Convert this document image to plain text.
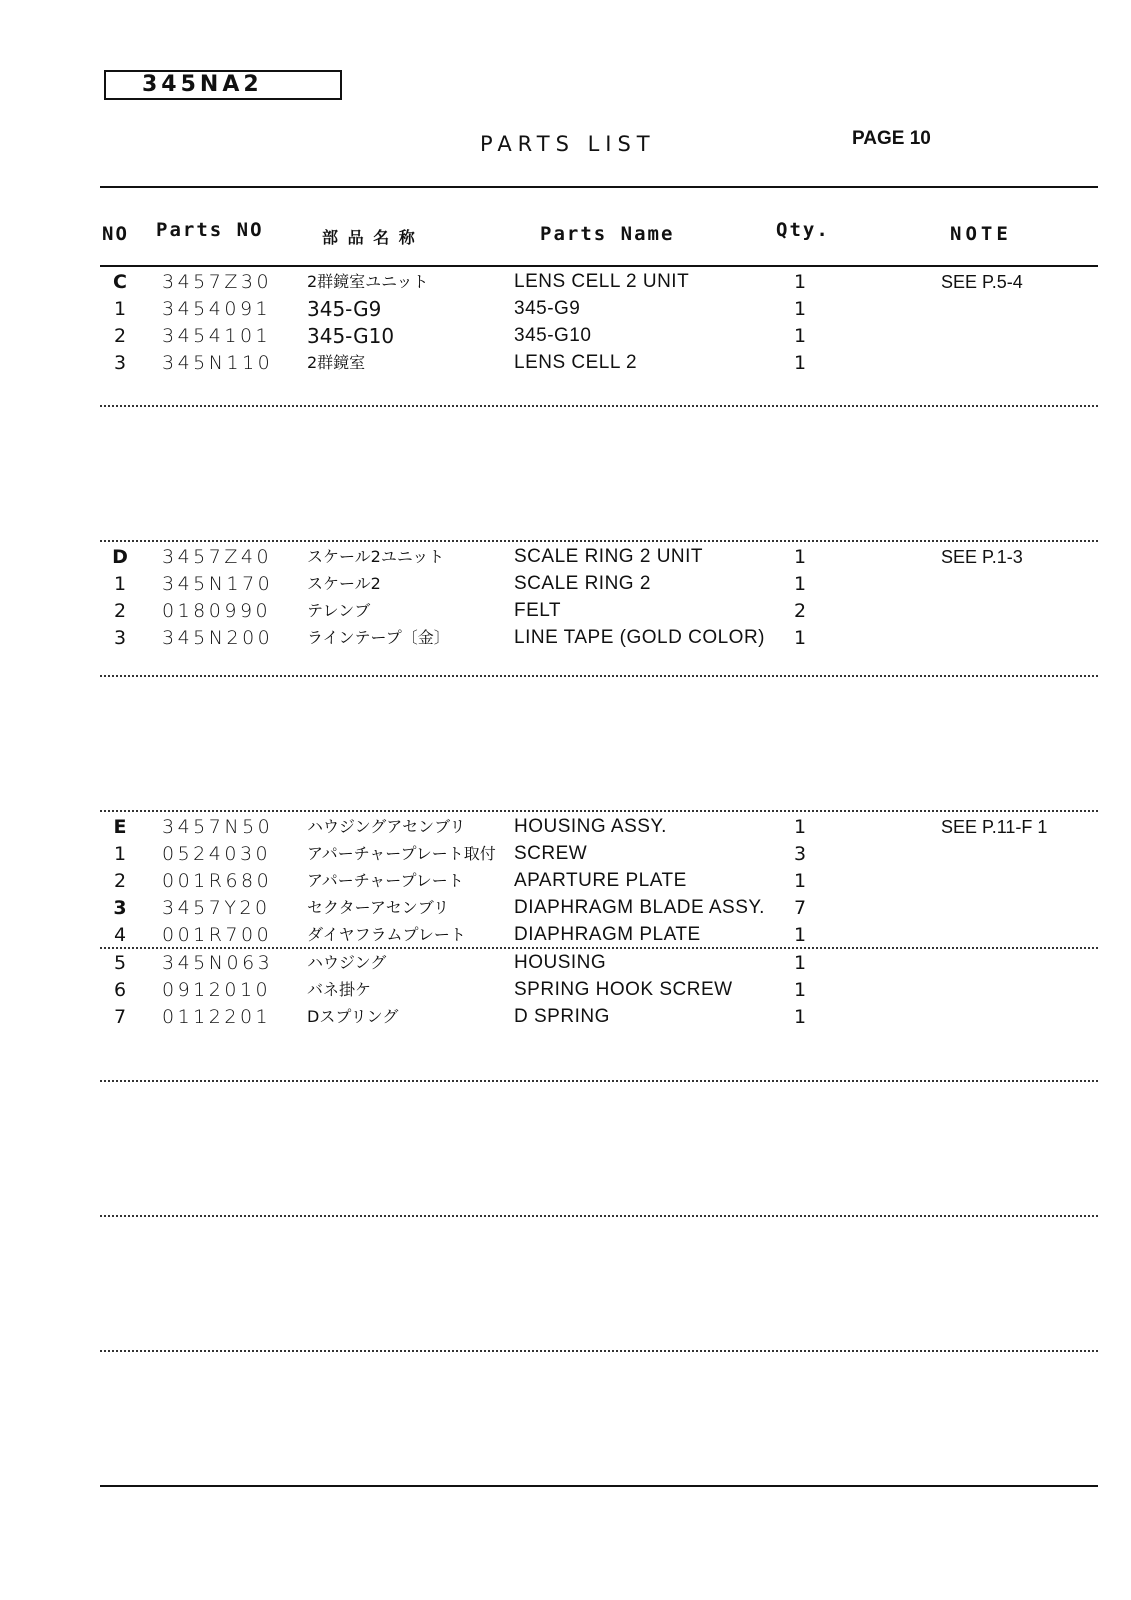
345NA2
PARTS LIST	PAGE 10
NO Parts NO	部 品 名 称	Parts Name	Qty.	NOTE
C 3457Z30 2群鏡室ユニット	LENS CELL 2 UNIT	1	SEE P.5-4
1	3454091 345-G9	345-G9	1
2	3454101 345-G10	345-G10	1
3	345N110 2群鏡室	LENS CELL 2	1
D 3457Z40 スケール2ユニット	SCALE RING 2 UNIT	1	SEE P.1-3
1	345N170 スケール2	SCALE RING 2	1
2	0180990 テレンブ	FELT	2
3	345N200 ラインテープ〔金〕	LINE TAPE (GOLD COLOR) 1
E 3457N50 ハウジングアセンブリ	HOUSING ASSY.	1	SEE P.11-F 1
1	0524030 アパーチャープレート取付 SCREW	3
2	001R680 アパーチャープレート	APARTURE PLATE	1
3 3457Y20 セクターアセンブリ	DIAPHRAGM BLADE ASSY. 7
4	001R700 ダイヤフラムプレート	DIAPHRAGM PLATE	1
5	345N063 ハウジング	HOUSING	1
6	0912010 バネ掛ケ	SPRING HOOK SCREW	1
7	0112201 Dスプリング	D SPRING	1
